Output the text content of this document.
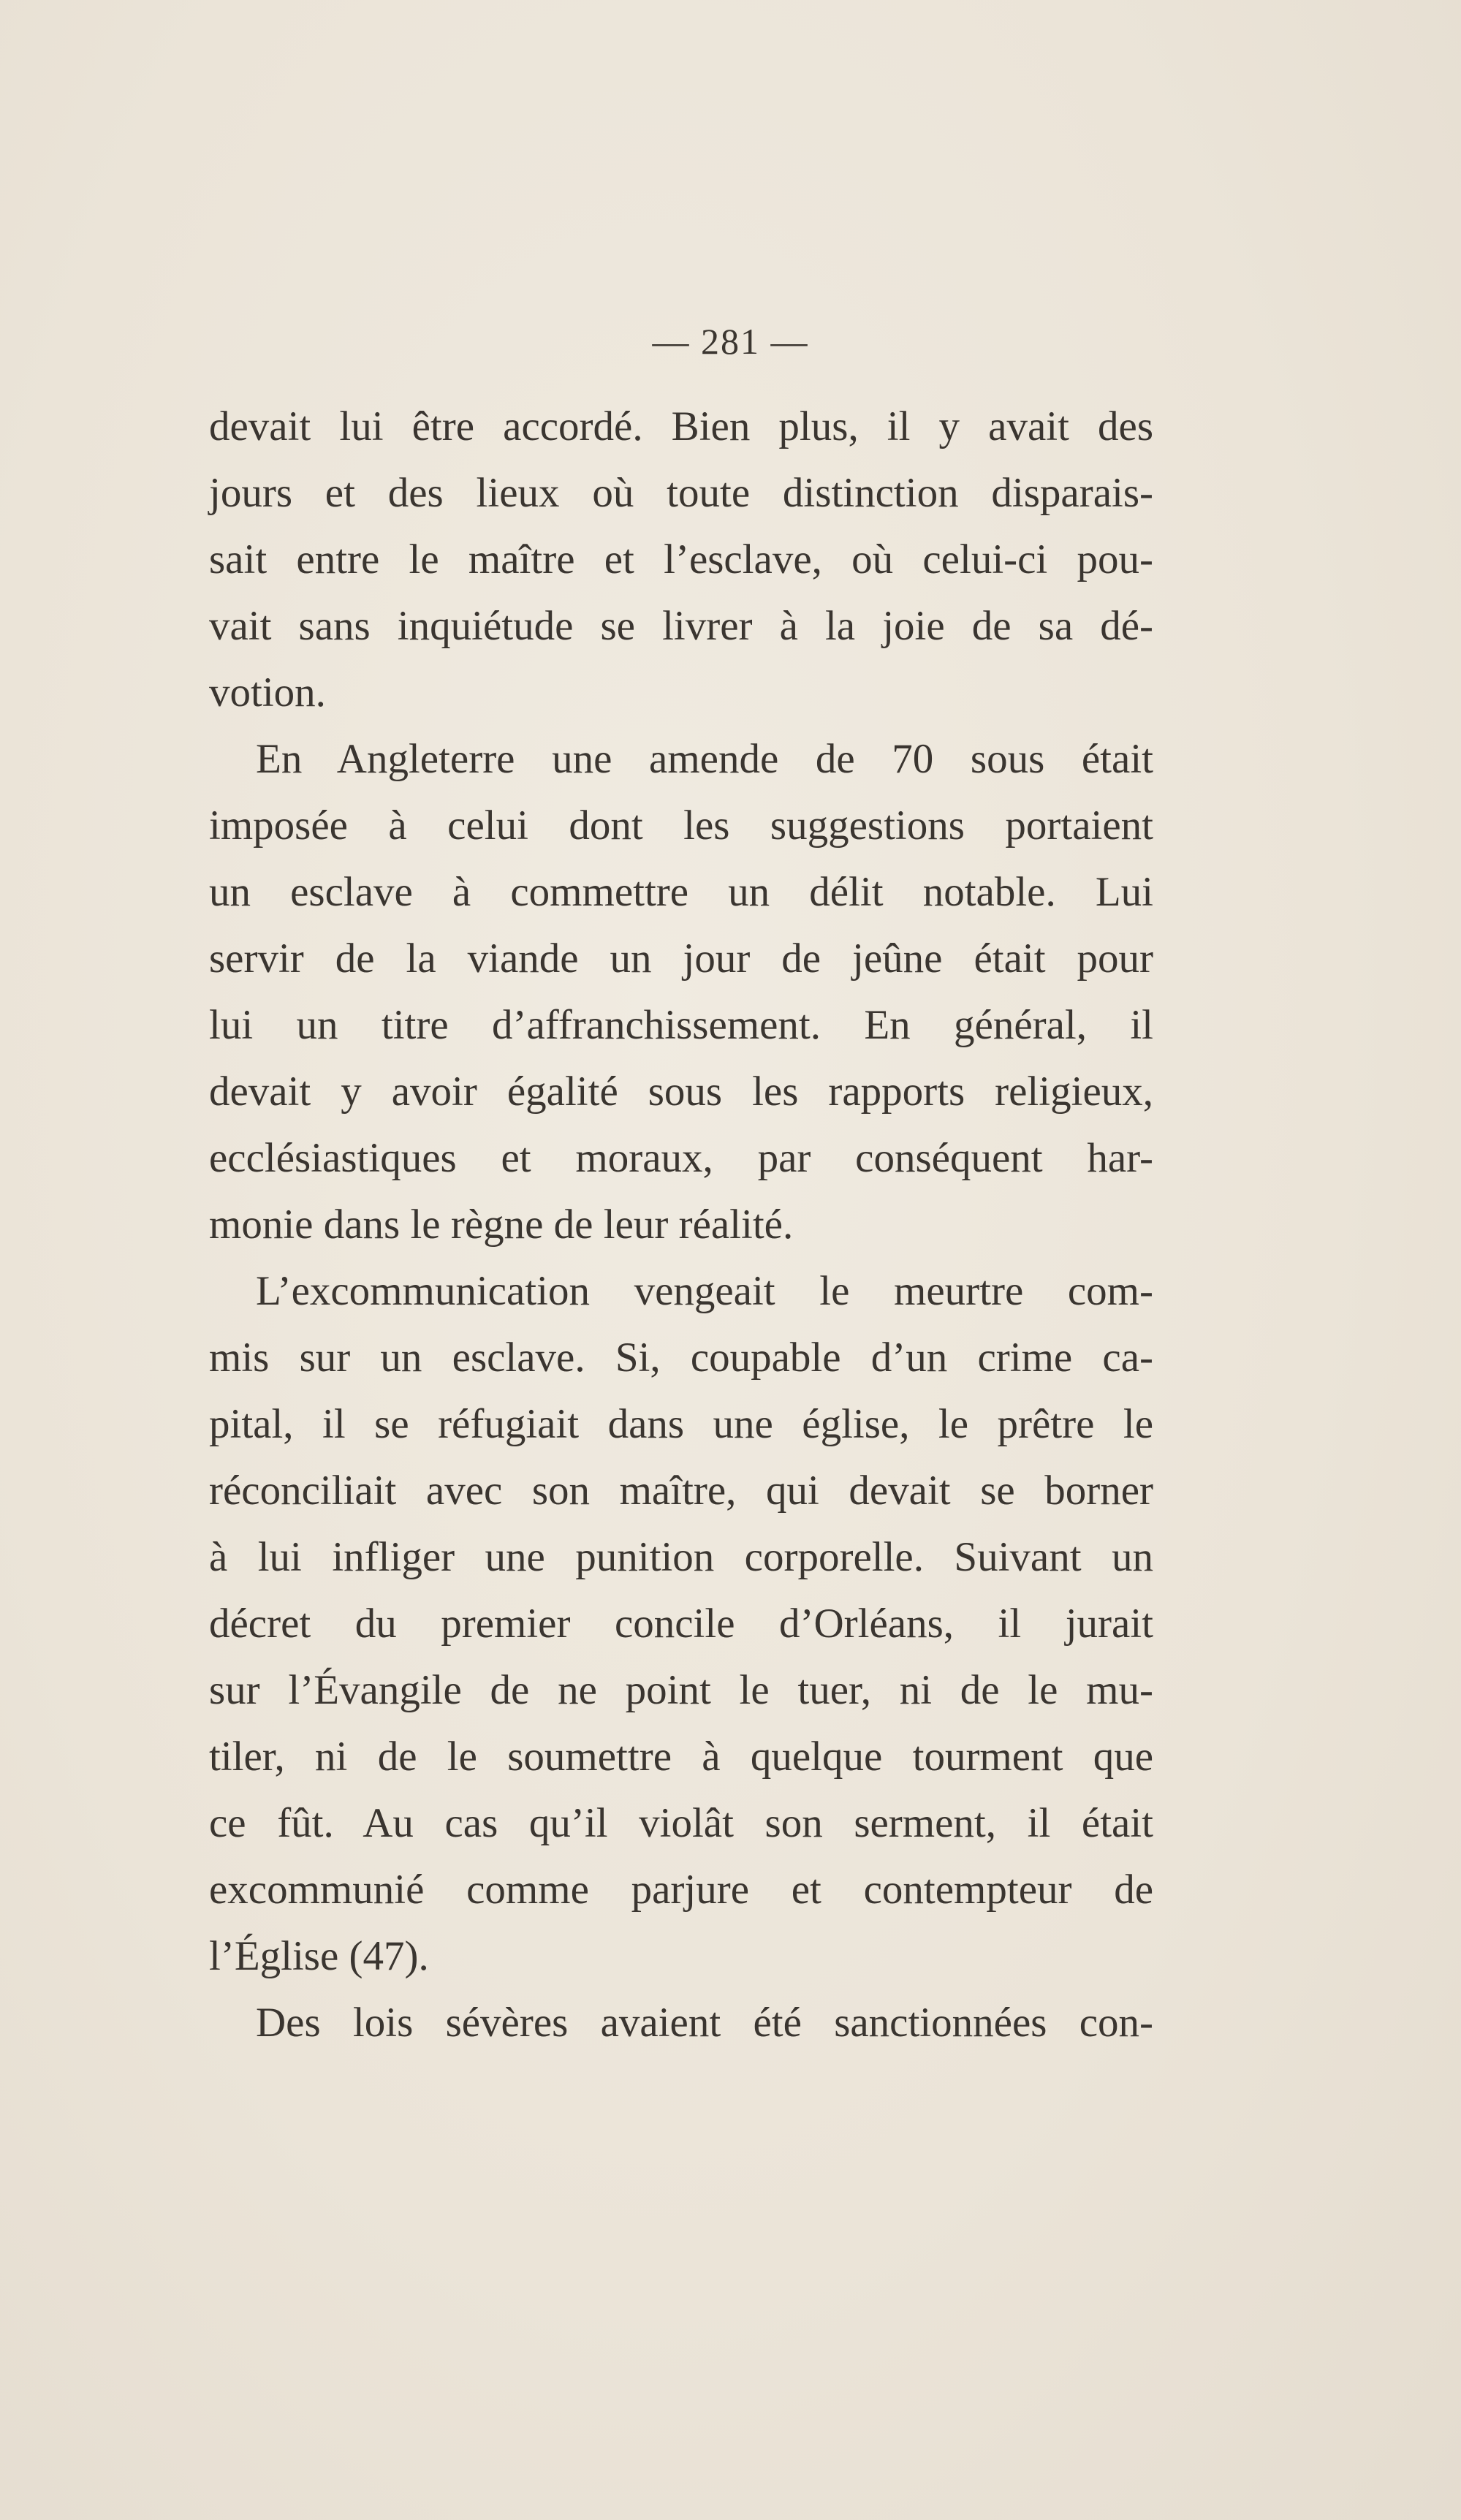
— 281 —
devait lui être accordé. Bien plus, il y avait des
jours et des lieux où toute distinction disparais-
sait entre le maître et l’esclave, où celui-ci pou-
vait sans inquiétude se livrer à la joie de sa dé-
votion.
En Angleterre une amende de 70 sous était
imposée à celui dont les suggestions portaient
un esclave à commettre un délit notable. Lui
servir de la viande un jour de jeûne était pour
lui un titre d’affranchissement. En général, il
devait y avoir égalité sous les rapports religieux,
ecclésiastiques et moraux, par conséquent har-
monie dans le règne de leur réalité.
L’excommunication vengeait le meurtre com-
mis sur un esclave. Si, coupable d’un crime ca-
pital, il se réfugiait dans une église, le prêtre le
réconciliait avec son maître, qui devait se borner
à lui infliger une punition corporelle. Suivant un
décret du premier concile d’Orléans, il jurait
sur l’Évangile de ne point le tuer, ni de le mu-
tiler, ni de le soumettre à quelque tourment que
ce fût. Au cas qu’il violât son serment, il était
excommunié comme parjure et contempteur de
l’Église (47).
Des lois sévères avaient été sanctionnées con-
